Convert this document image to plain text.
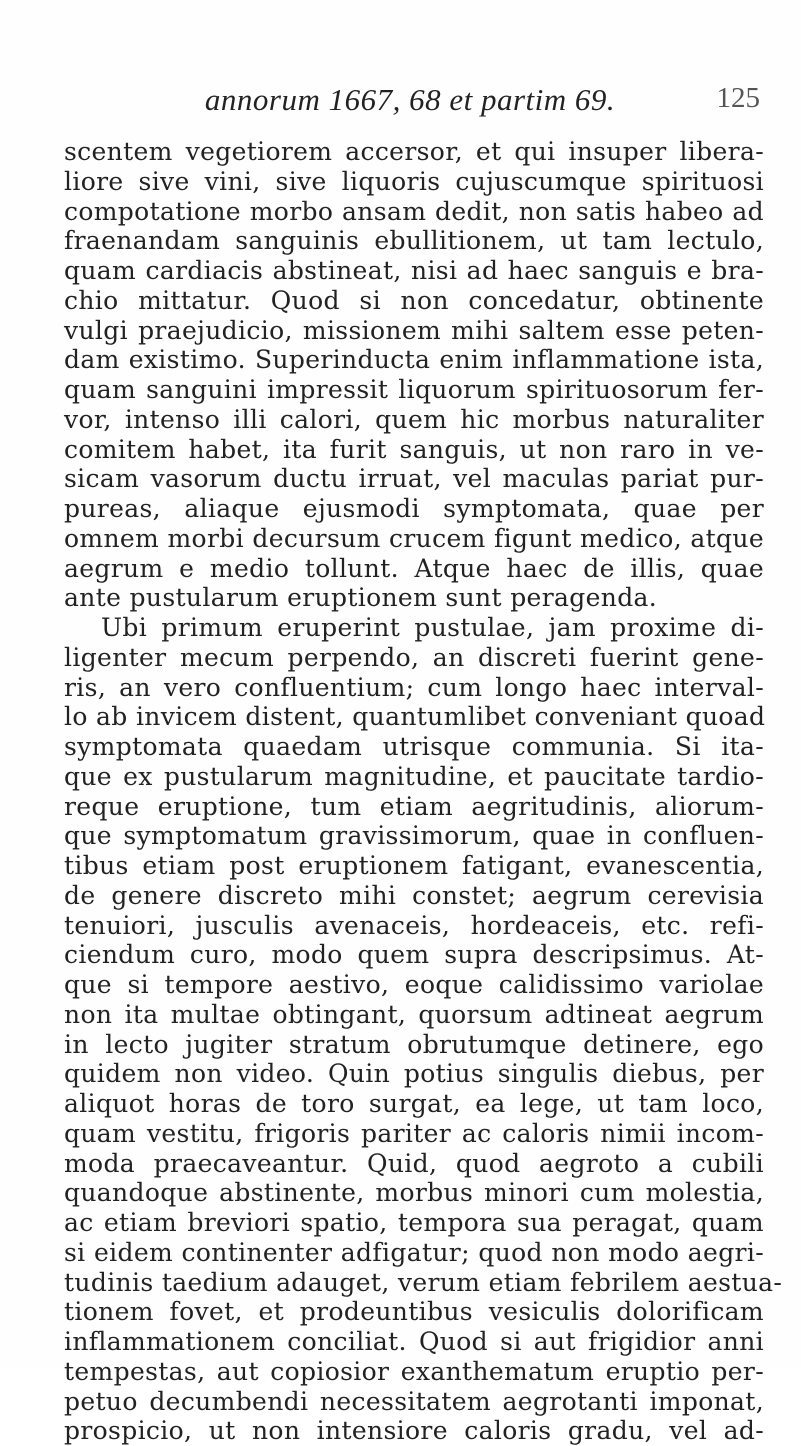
annorum 1667, 68 et partim 69.	125
scentem vegetiorem accersor, et qui insuper libera-
liore sive vini, sive liquoris cujuscumque spirituosi
compotatione morbo ansam dedit, non satis habeo ad
fraenandam sanguinis ebullitionem, ut tam lectulo,
quam cardiacis abstineat, nisi ad haec sanguis e bra-
chio mittatur. Quod si non concedatur, obtinente
vulgi praejudicio, missionem mihi saltem esse peten-
dam existimo. Superinducta enim inflammatione ista,
quam sanguini impressit liquorum spirituosorum fer-
vor, intenso illi calori, quem hic morbus naturaliter
comitem habet, ita furit sanguis, ut non raro in ve-
sicam vasorum ductu irruat, vel maculas pariat pur-
pureas, aliaque ejusmodi symptomata, quae per
omnem morbi decursum crucem figunt medico, atque
aegrum e medio tollunt. Atque haec de illis, quae
ante pustularum eruptionem sunt peragenda.
Ubi primum eruperint pustulae, jam proxime di-
ligenter mecum perpendo, an discreti fuerint gene-
ris, an vero confluentium; cum longo haec interval-
lo ab invicem distent, quantumlibet conveniant quoad
symptomata quaedam utrisque communia. Si ita-
que ex pustularum magnitudine, et paucitate tardio-
reque eruptione, tum etiam aegritudinis, aliorum-
que symptomatum gravissimorum, quae in confluen-
tibus etiam post eruptionem fatigant, evanescentia,
de genere discreto mihi constet; aegrum cerevisia
tenuiori, jusculis avenaceis, hordeaceis, etc. refi-
ciendum curo, modo quem supra descripsimus. At-
que si tempore aestivo, eoque calidissimo variolae
non ita multae obtingant, quorsum adtineat aegrum
in lecto jugiter stratum obrutumque detinere, ego
quidem non video. Quin potius singulis diebus, per
aliquot horas de toro surgat, ea lege, ut tam loco,
quam vestitu, frigoris pariter ac caloris nimii incom-
moda praecaveantur. Quid, quod aegroto a cubili
quandoque abstinente, morbus minori cum molestia,
ac etiam breviori spatio, tempora sua peragat, quam
si eidem continenter adfigatur; quod non modo aegri-
tudinis taedium adauget, verum etiam febrilem aestua-
tionem fovet, et prodeuntibus vesiculis dolorificam
inflammationem conciliat. Quod si aut frigidior anni
tempestas, aut copiosior exanthematum eruptio per-
petuo decumbendi necessitatem aegrotanti imponat,
prospicio, ut non intensiore caloris gradu, vel ad-
